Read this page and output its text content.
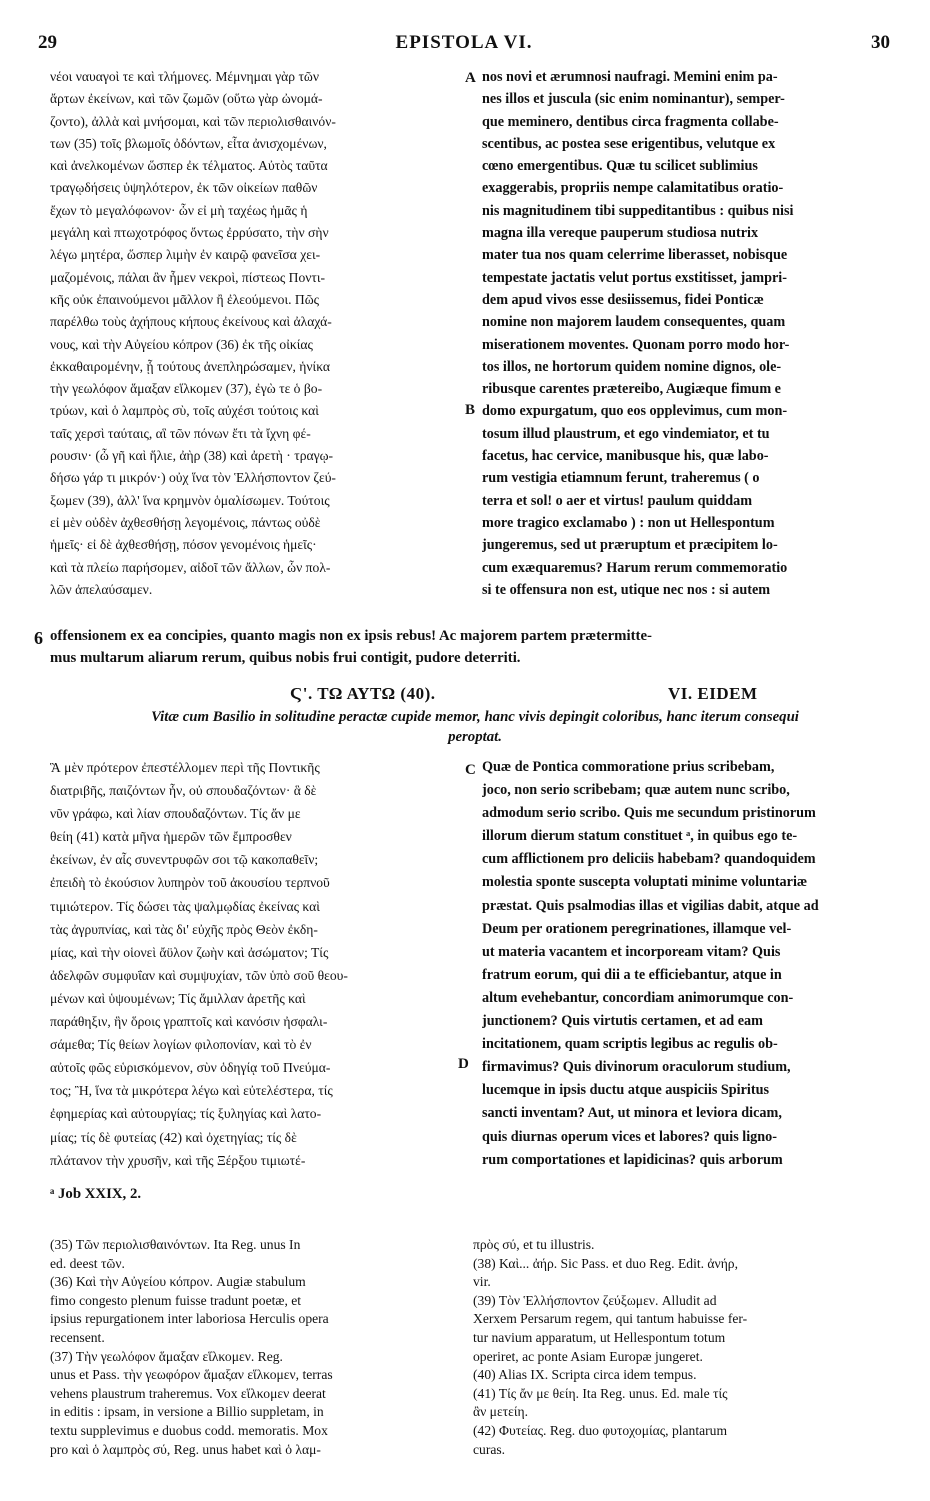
29	EPISTOLA VI.	30
A
B
C
D
6
νέοι ναυαγοὶ τε καὶ τλήμονες. Μέμνημαι γὰρ τῶν
ἄρτων ἐκείνων, καὶ τῶν ζωμῶν (οὕτω γὰρ ὠνομά-
ζοντο), ἀλλὰ καὶ μνήσομαι, καὶ τῶν περιολισθαινόν-
των (35) τοῖς βλωμοῖς ὀδόντων, εἶτα ἀνισχομένων,
καὶ ἀνελκομένων ὥσπερ ἐκ τέλματος. Αὐτὸς ταῦτα
τραγῳδήσεις ὑψηλότερον, ἐκ τῶν οἰκείων παθῶν
ἔχων τὸ μεγαλόφωνον· ὧν εἰ μὴ ταχέως ἡμᾶς ἡ
μεγάλη καὶ πτωχοτρόφος ὄντως ἐρρύσατο, τὴν σὴν
λέγω μητέρα, ὥσπερ λιμὴν ἐν καιρῷ φανεῖσα χει-
μαζομένοις, πάλαι ἂν ἦμεν νεκροὶ, πίστεως Ποντι-
κῆς οὐκ ἐπαινούμενοι μᾶλλον ἢ ἐλεούμενοι. Πῶς
παρέλθω τοὺς ἀχήπους κήπους ἐκείνους καὶ ἀλαχά-
νους, καὶ τὴν Αὐγείου κόπρον (36) ἐκ τῆς οἰκίας
ἐκκαθαιρομένην, ᾗ τούτους ἀνεπληρώσαμεν, ἡνίκα
τὴν γεωλόφον ἅμαξαν εἵλκομεν (37), ἐγὼ τε ὁ βο-
τρύων, καὶ ὁ λαμπρὸς σὺ, τοῖς αὐχέσι τούτοις καὶ
ταῖς χερσὶ ταύταις, αἳ τῶν πόνων ἔτι τὰ ἴχνη φέ-
ρουσιν· (ὦ γῆ καὶ ἥλιε, ἀὴρ (38) καὶ ἀρετὴ · τραγῳ-
δήσω γάρ τι μικρόν·) οὐχ ἵνα τὸν Ἑλλήσποντον ζεύ-
ξωμεν (39), ἀλλ' ἵνα κρημνὸν ὁμαλίσωμεν. Τούτοις
εἰ μὲν οὐδὲν ἀχθεσθήσῃ λεγομένοις, πάντως οὐδὲ
ἡμεῖς· εἰ δὲ ἀχθεσθήσῃ, πόσον γενομένοις ἡμεῖς·
καὶ τὰ πλείω παρήσομεν, αἰδοῖ τῶν ἄλλων, ὧν πολ-
λῶν ἀπελαύσαμεν.
nos novi et ærumnosi naufragi. Memini enim pa-
nes illos et juscula (sic enim nominantur), semper-
que meminero, dentibus circa fragmenta collabe-
scentibus, ac postea sese erigentibus, velutque ex
cœno emergentibus. Quæ tu scilicet sublimius
exaggerabis, propriis nempe calamitatibus oratio-
nis magnitudinem tibi suppeditantibus : quibus nisi
magna illa vereque pauperum studiosa nutrix
mater tua nos quam celerrime liberasset, nobisque
tempestate jactatis velut portus exstitisset, jampri-
dem apud vivos esse desiissemus, fidei Ponticæ
nomine non majorem laudem consequentes, quam
miserationem moventes. Quonam porro modo hor-
tos illos, ne hortorum quidem nomine dignos, ole-
ribusque carentes prætereibo, Augiæque fimum e
domo expurgatum, quo eos opplevimus, cum mon-
tosum illud plaustrum, et ego vindemiator, et tu
facetus, hac cervice, manibusque his, quæ labo-
rum vestigia etiamnum ferunt, traheremus ( o
terra et sol! o aer et virtus! paulum quiddam
more tragico exclamabo ) : non ut Hellespontum
jungeremus, sed ut præruptum et præcipitem lo-
cum exæquaremus? Harum rerum commemoratio
si te offensura non est, utique nec nos : si autem
offensionem ex ea concipies, quanto magis non ex ipsis rebus! Ac majorem partem prætermitte-
mus multarum aliarum rerum, quibus nobis frui contigit, pudore deterriti.
Ϛ'. ΤΩ ΑΥΤΩ (40).	VI. EIDEM
Vitæ cum Basilio in solitudine peractæ cupide memor, hanc vivis depingit coloribus, hanc iterum consequi
peroptat.
Ἃ μὲν πρότερον ἐπεστέλλομεν περὶ τῆς Ποντικῆς
διατριβῆς, παιζόντων ἦν, οὐ σπουδαζόντων· ἃ δὲ
νῦν γράφω, καὶ λίαν σπουδαζόντων. Τίς ἄν με
θείη (41) κατὰ μῆνα ἡμερῶν τῶν ἔμπροσθεν
ἐκείνων, ἐν αἷς συνεντρυφῶν σοι τῷ κακοπαθεῖν;
ἐπειδὴ τὸ ἑκούσιον λυπηρὸν τοῦ ἀκουσίου τερπνοῦ
τιμιώτερον. Τίς δώσει τὰς ψαλμῳδίας ἐκείνας καὶ
τὰς ἀγρυπνίας, καὶ τὰς δι' εὐχῆς πρὸς Θεὸν ἐκδη-
μίας, καὶ τὴν οἱονεὶ ἄϋλον ζωὴν καὶ ἀσώματον; Τίς
ἀδελφῶν συμφυΐαν καὶ συμψυχίαν, τῶν ὑπὸ σοῦ θεου-
μένων καὶ ὑψουμένων; Τίς ἅμιλλαν ἀρετῆς καὶ
παράθηξιν, ἣν ὅροις γραπτοῖς καὶ κανόσιν ἠσφαλι-
σάμεθα; Τίς θείων λογίων φιλοπονίαν, καὶ τὸ ἐν
αὐτοῖς φῶς εὑρισκόμενον, σὺν ὁδηγίᾳ τοῦ Πνεύμα-
τος; Ἢ, ἵνα τὰ μικρότερα λέγω καὶ εὐτελέστερα, τίς
ἐφημερίας καὶ αὐτουργίας; τίς ξυληγίας καὶ λατο-
μίας; τίς δὲ φυτείας (42) καὶ ὀχετηγίας; τίς δὲ
πλάτανον τὴν χρυσῆν, καὶ τῆς Ξέρξου τιμιωτέ-
Quæ de Pontica commoratione prius scribebam,
joco, non serio scribebam; quæ autem nunc scribo,
admodum serio scribo. Quis me secundum pristinorum
illorum dierum statum constituet ᵃ, in quibus ego te-
cum afflictionem pro deliciis habebam? quandoquidem
molestia sponte suscepta voluptati minime voluntariæ
præstat. Quis psalmodias illas et vigilias dabit, atque ad
Deum per orationem peregrinationes, illamque vel-
ut materia vacantem et incorpoream vitam? Quis
fratrum eorum, qui dii a te efficiebantur, atque in
altum evehebantur, concordiam animorumque con-
junctionem? Quis virtutis certamen, et ad eam
incitationem, quam scriptis legibus ac regulis ob-
firmavimus? Quis divinorum oraculorum studium,
lucemque in ipsis ductu atque auspiciis Spiritus
sancti inventam? Aut, ut minora et leviora dicam,
quis diurnas operum vices et labores? quis ligno-
rum comportationes et lapidicinas? quis arborum
ᵃ Job XXIX, 2.
(35) Τῶν περιολισθαινόντων. Ita Reg. unus In
ed. deest τῶν.
(36) Καὶ τὴν Αὐγείου κόπρον. Augiæ stabulum
fimo congesto plenum fuisse tradunt poetæ, et
ipsius repurgationem inter laboriosa Herculis opera
recensent.
(37) Τὴν γεωλόφον ἅμαξαν εἵλκομεν. Reg.
unus et Pass. τὴν γεωφόρον ἅμαξαν εἵλκομεν, terras
vehens plaustrum traheremus. Vox εἵλκομεν deerat
in editis : ipsam, in versione a Billio suppletam, in
textu supplevimus e duobus codd. memoratis. Mox
pro καὶ ὁ λαμπρὸς σύ, Reg. unus habet καὶ ὁ λαμ-
πρὸς σύ, et tu illustris.
(38) Καὶ... ἀήρ. Sic Pass. et duo Reg. Edit. ἀνήρ,
vir.
(39) Τὸν Ἑλλήσποντον ζεύξωμεν. Alludit ad
Xerxem Persarum regem, qui tantum habuisse fer-
tur navium apparatum, ut Hellespontum totum
operiret, ac ponte Asiam Europæ jungeret.
(40) Alias IX. Scripta circa idem tempus.
(41) Τίς ἄν με θείη. Ita Reg. unus. Ed. male τίς
ἂν μετείη.
(42) Φυτείας. Reg. duo φυτοχομίας, plantarum
curas.
